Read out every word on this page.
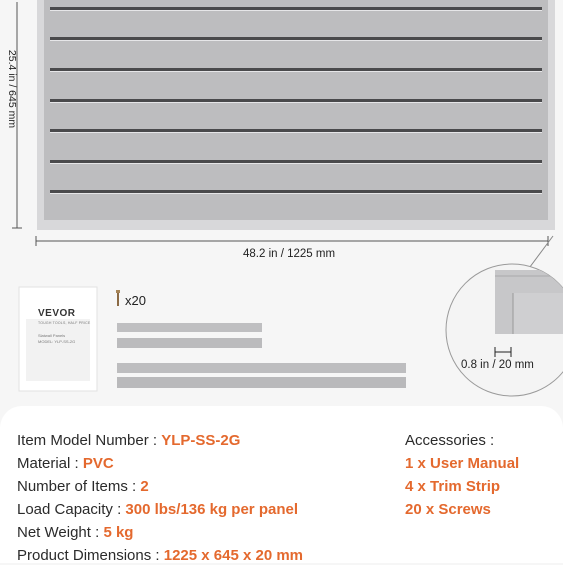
25.4 in / 645 mm
48.2 in / 1225 mm
0.8 in / 20 mm
x20
VEVOR
TOUGH TOOLS, HALF PRICE
Slatwall Panels
MODEL: YLP-SS-2G
Item Model Number : YLP-SS-2G
Material : PVC
Number of Items : 2
Load Capacity : 300 lbs/136 kg per panel
Net Weight : 5 kg
Product Dimensions : 1225 x 645 x 20 mm
Accessories :
1 x User Manual
4 x Trim Strip
20 x Screws
